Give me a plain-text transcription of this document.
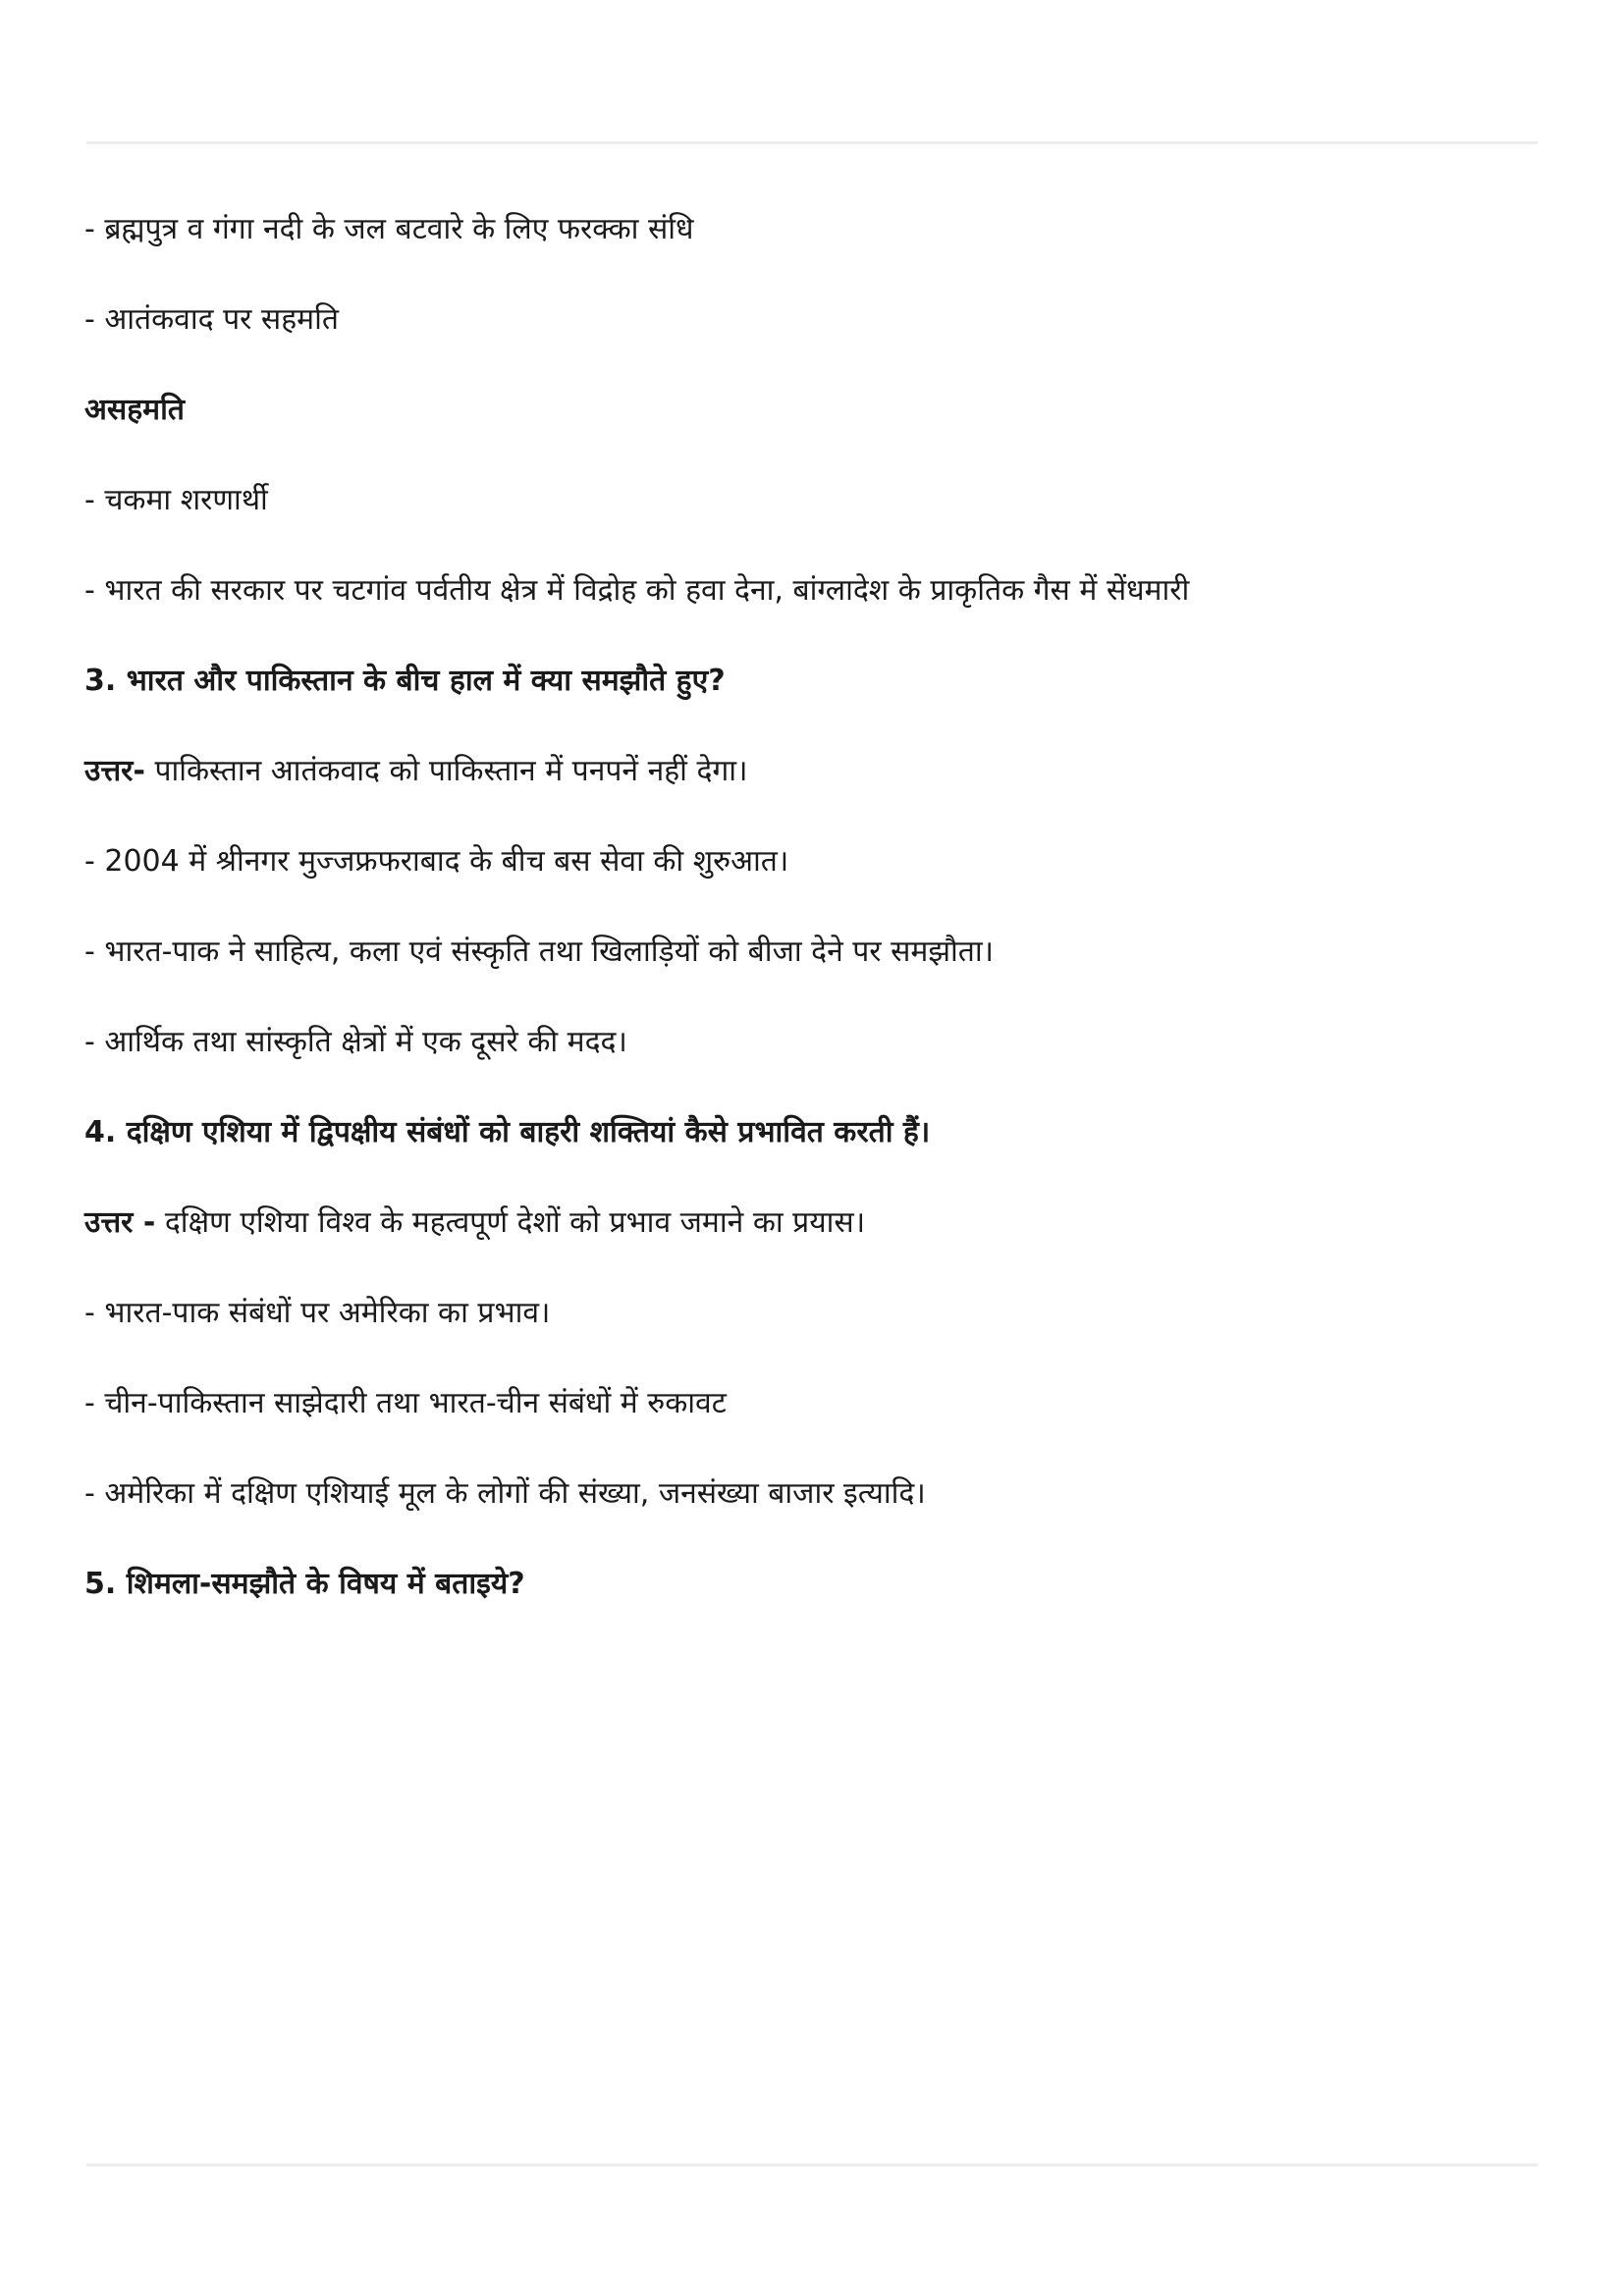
- ब्रह्मपुत्र व गंगा नदी के जल बटवारे के लिए फरक्का संधि
- आतंकवाद पर सहमति
असहमति
- चकमा शरणार्थी
- भारत की सरकार पर चटगांव पर्वतीय क्षेत्र में विद्रोह को हवा देना, बांग्लादेश के प्राकृतिक गैस में सेंधमारी
3. भारत और पाकिस्तान के बीच हाल में क्या समझौते हुए?
उत्तर- पाकिस्तान आतंकवाद को पाकिस्तान में पनपनें नहीं देगा।
- 2004 में श्रीनगर मुज्जफ्रफराबाद के बीच बस सेवा की शुरुआत।
- भारत-पाक ने साहित्य, कला एवं संस्कृति तथा खिलाड़ियों को बीजा देने पर समझौता।
- आर्थिक तथा सांस्कृति क्षेत्रों में एक दूसरे की मदद।
4. दक्षिण एशिया में द्विपक्षीय संबंधों को बाहरी शक्तियां कैसे प्रभावित करती हैं।
उत्तर - दक्षिण एशिया विश्व के महत्वपूर्ण देशों को प्रभाव जमाने का प्रयास।
- भारत-पाक संबंधों पर अमेरिका का प्रभाव।
- चीन-पाकिस्तान साझेदारी तथा भारत-चीन संबंधों में रुकावट
- अमेरिका में दक्षिण एशियाई मूल के लोगों की संख्या, जनसंख्या बाजार इत्यादि।
5. शिमला-समझौते के विषय में बताइये?
